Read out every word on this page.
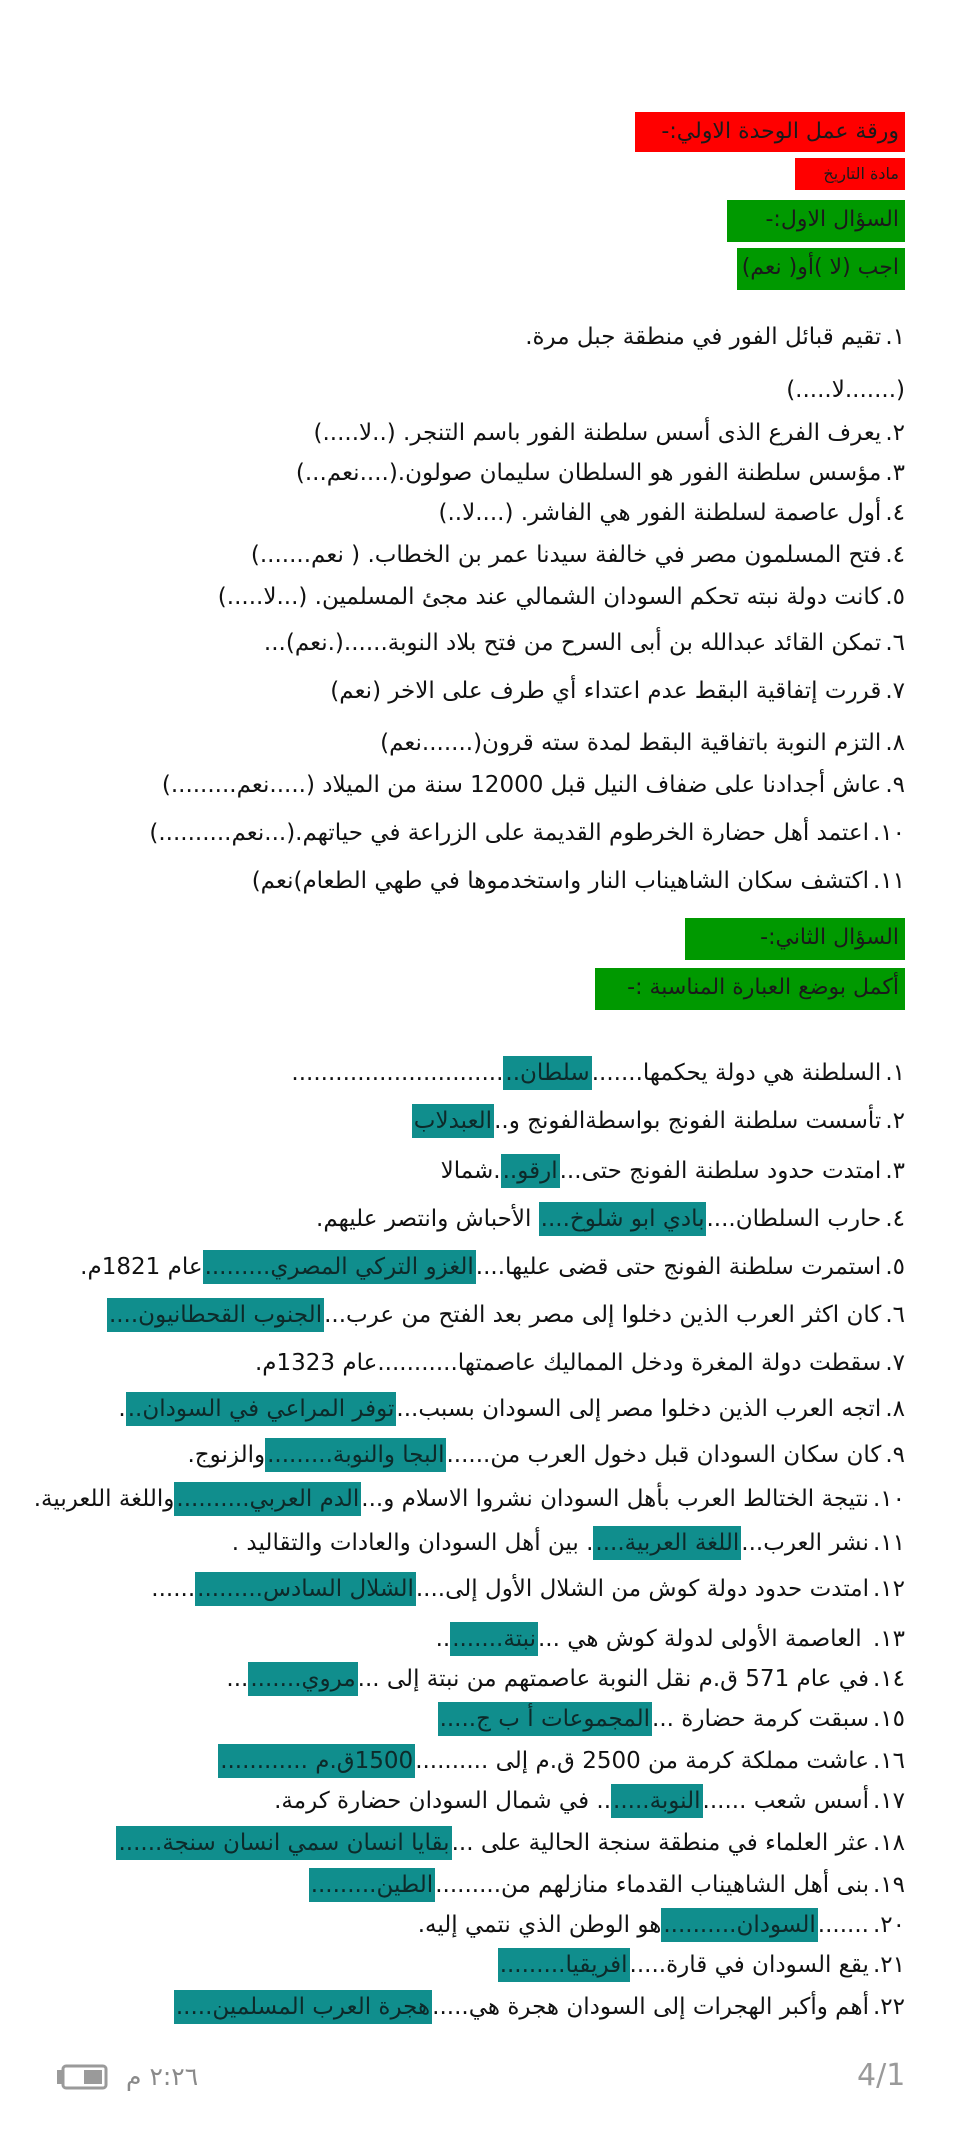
ورقة عمل الوحدة الاولي:-
مادة التاريخ
السؤال الاول:-
اجب (لا )أو( نعم)
١.تقيم قبائل الفور في منطقة جبل مرة.
(.......لا.....)
٢.يعرف الفرع الذى أسس سلطنة الفور باسم التنجر. (..لا.....)
٣.مؤسس سلطنة الفور هو السلطان سليمان صولون.(....نعم...)
٤.أول عاصمة لسلطنة الفور هي الفاشر. (....لا..)
٤.فتح المسلمون مصر في خالفة سيدنا عمر بن الخطاب. ( نعم.......)
٥.كانت دولة نبته تحكم السودان الشمالي عند مجئ المسلمين. (...لا.....)
٦.تمكن القائد عبدالله بن أبى السرح من فتح بلاد النوبة......(.نعم)...
٧.قررت إتفاقية البقط عدم اعتداء أي طرف على الاخر (نعم)
٨.التزم النوبة باتفاقية البقط لمدة سته قرون(.......نعم)
٩.عاش أجدادنا على ضفاف النيل قبل 12000 سنة من الميلاد (.....نعم.........)
١٠.اعتمد أهل حضارة الخرطوم القديمة على الزراعة في حياتهم.(...نعم..........)
١١.اكتشف سكان الشاهيناب النار واستخدموها في طهي الطعام)نعم)
السؤال الثاني:-
أكمل بوضع العبارة المناسبة :-
١.السلطنة هي دولة يحكمها.......سلطان...............................
٢.تأسست سلطنة الفونج بواسطةالفونج و..العبدلاب
٣.امتدت حدود سلطنة الفونج حتى...ارقو...شمالا
٤.حارب السلطان....بادي ابو شلوخ.... الأحباش وانتصر عليهم.
٥.استمرت سلطنة الفونج حتى قضى عليها....الغزو التركي المصري.........عام 1821م.
٦.كان اكثر العرب الذين دخلوا إلى مصر بعد الفتح من عرب...الجنوب القحطانيون....
٧.سقطت دولة المغرة ودخل المماليك عاصمتها...........عام 1323م.
٨.اتجه العرب الذين دخلوا مصر إلى السودان بسبب...توفر المراعي في السودان...
٩.كان سكان السودان قبل دخول العرب من......البجا والنوبة.........والزنوج.
١٠.نتيجة الختالط العرب بأهل السودان نشروا الاسلام و...الدم العربي..........واللغة اللعربية.
١١.نشر العرب...اللغة العربية..... بين أهل السودان والعادات والتقاليد .
١٢.امتدت حدود دولة كوش من الشلال الأول إلى....الشلال السادس...............
١٣. العاصمة الأولى لدولة كوش هي ...نبتة.........
١٤.في عام 571 ق.م نقل النوبة عاصمتهم من نبتة إلى ...مروي..........
١٥.سبقت كرمة حضارة ...المجموعات أ ب ج.....
١٦.عاشت مملكة كرمة من 2500 ق.م إلى ..........1500ق.م ............
١٧.أسس شعب ......النوبة....... في شمال السودان حضارة كرمة.
١٨.عثر العلماء في منطقة سنجة الحالية على ...بقايا انسان سمي انسان سنجة......
١٩.بنى أهل الشاهيناب القدماء منازلهم من.........الطين.........
٢٠........السودان..........هو الوطن الذي نتمي إليه.
٢١.يقع السودان في قارة.....افريقيا.........
٢٢.أهم وأكبر الهجرات إلى السودان هجرة هي.....هجرة العرب المسلمين.....
4/1
٢:٢٦ م
